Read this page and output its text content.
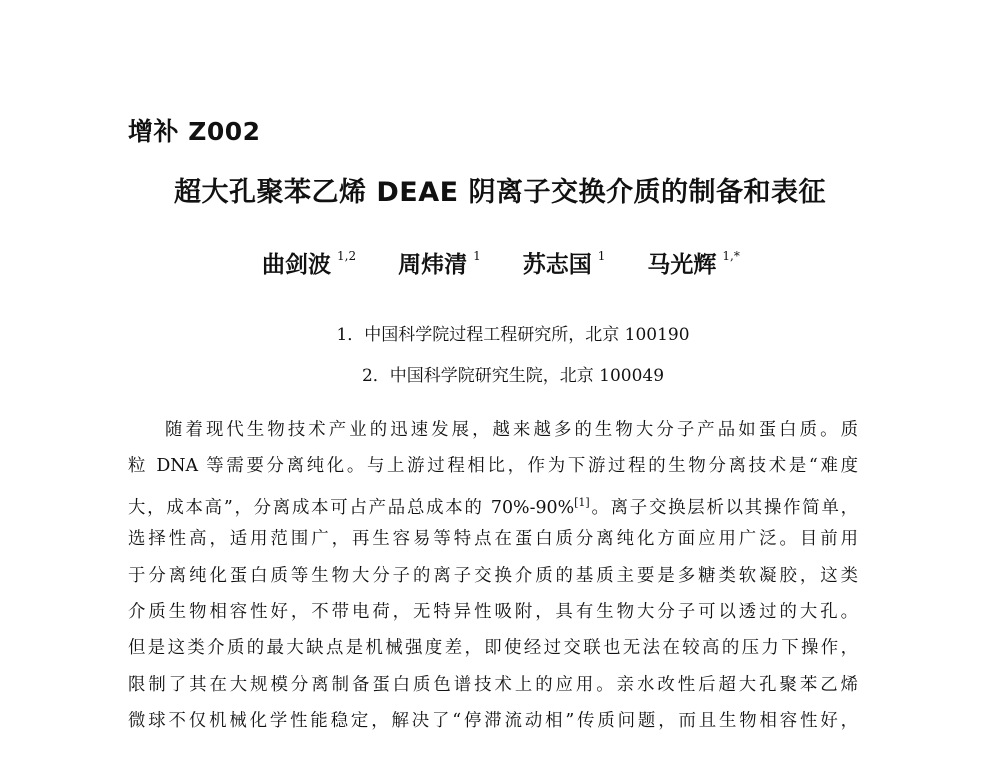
增补 Z002
超大孔聚苯乙烯 DEAE 阴离子交换介质的制备和表征
曲剑波 $^{1,2}$ 周炜清 $^1$ 苏志国 $^1$ 马光辉 $^{1,*}$
1．中国科学院过程工程研究所，北京 100190
2．中国科学院研究生院，北京 100049
随着现代生物技术产业的迅速发展，越来越多的生物大分子产品如蛋白质。质
粒 DNA 等需要分离纯化。与上游过程相比，作为下游过程的生物分离技术是“难度
大，成本高”，分离成本可占产品总成本的 70%-90%[1]。离子交换层析以其操作简单，
选择性高，适用范围广，再生容易等特点在蛋白质分离纯化方面应用广泛。目前用
于分离纯化蛋白质等生物大分子的离子交换介质的基质主要是多糖类软凝胶，这类
介质生物相容性好，不带电荷，无特异性吸附，具有生物大分子可以透过的大孔。
但是这类介质的最大缺点是机械强度差，即使经过交联也无法在较高的压力下操作，
限制了其在大规模分离制备蛋白质色谱技术上的应用。亲水改性后超大孔聚苯乙烯
微球不仅机械化学性能稳定，解决了“停滞流动相”传质问题，而且生物相容性好，
